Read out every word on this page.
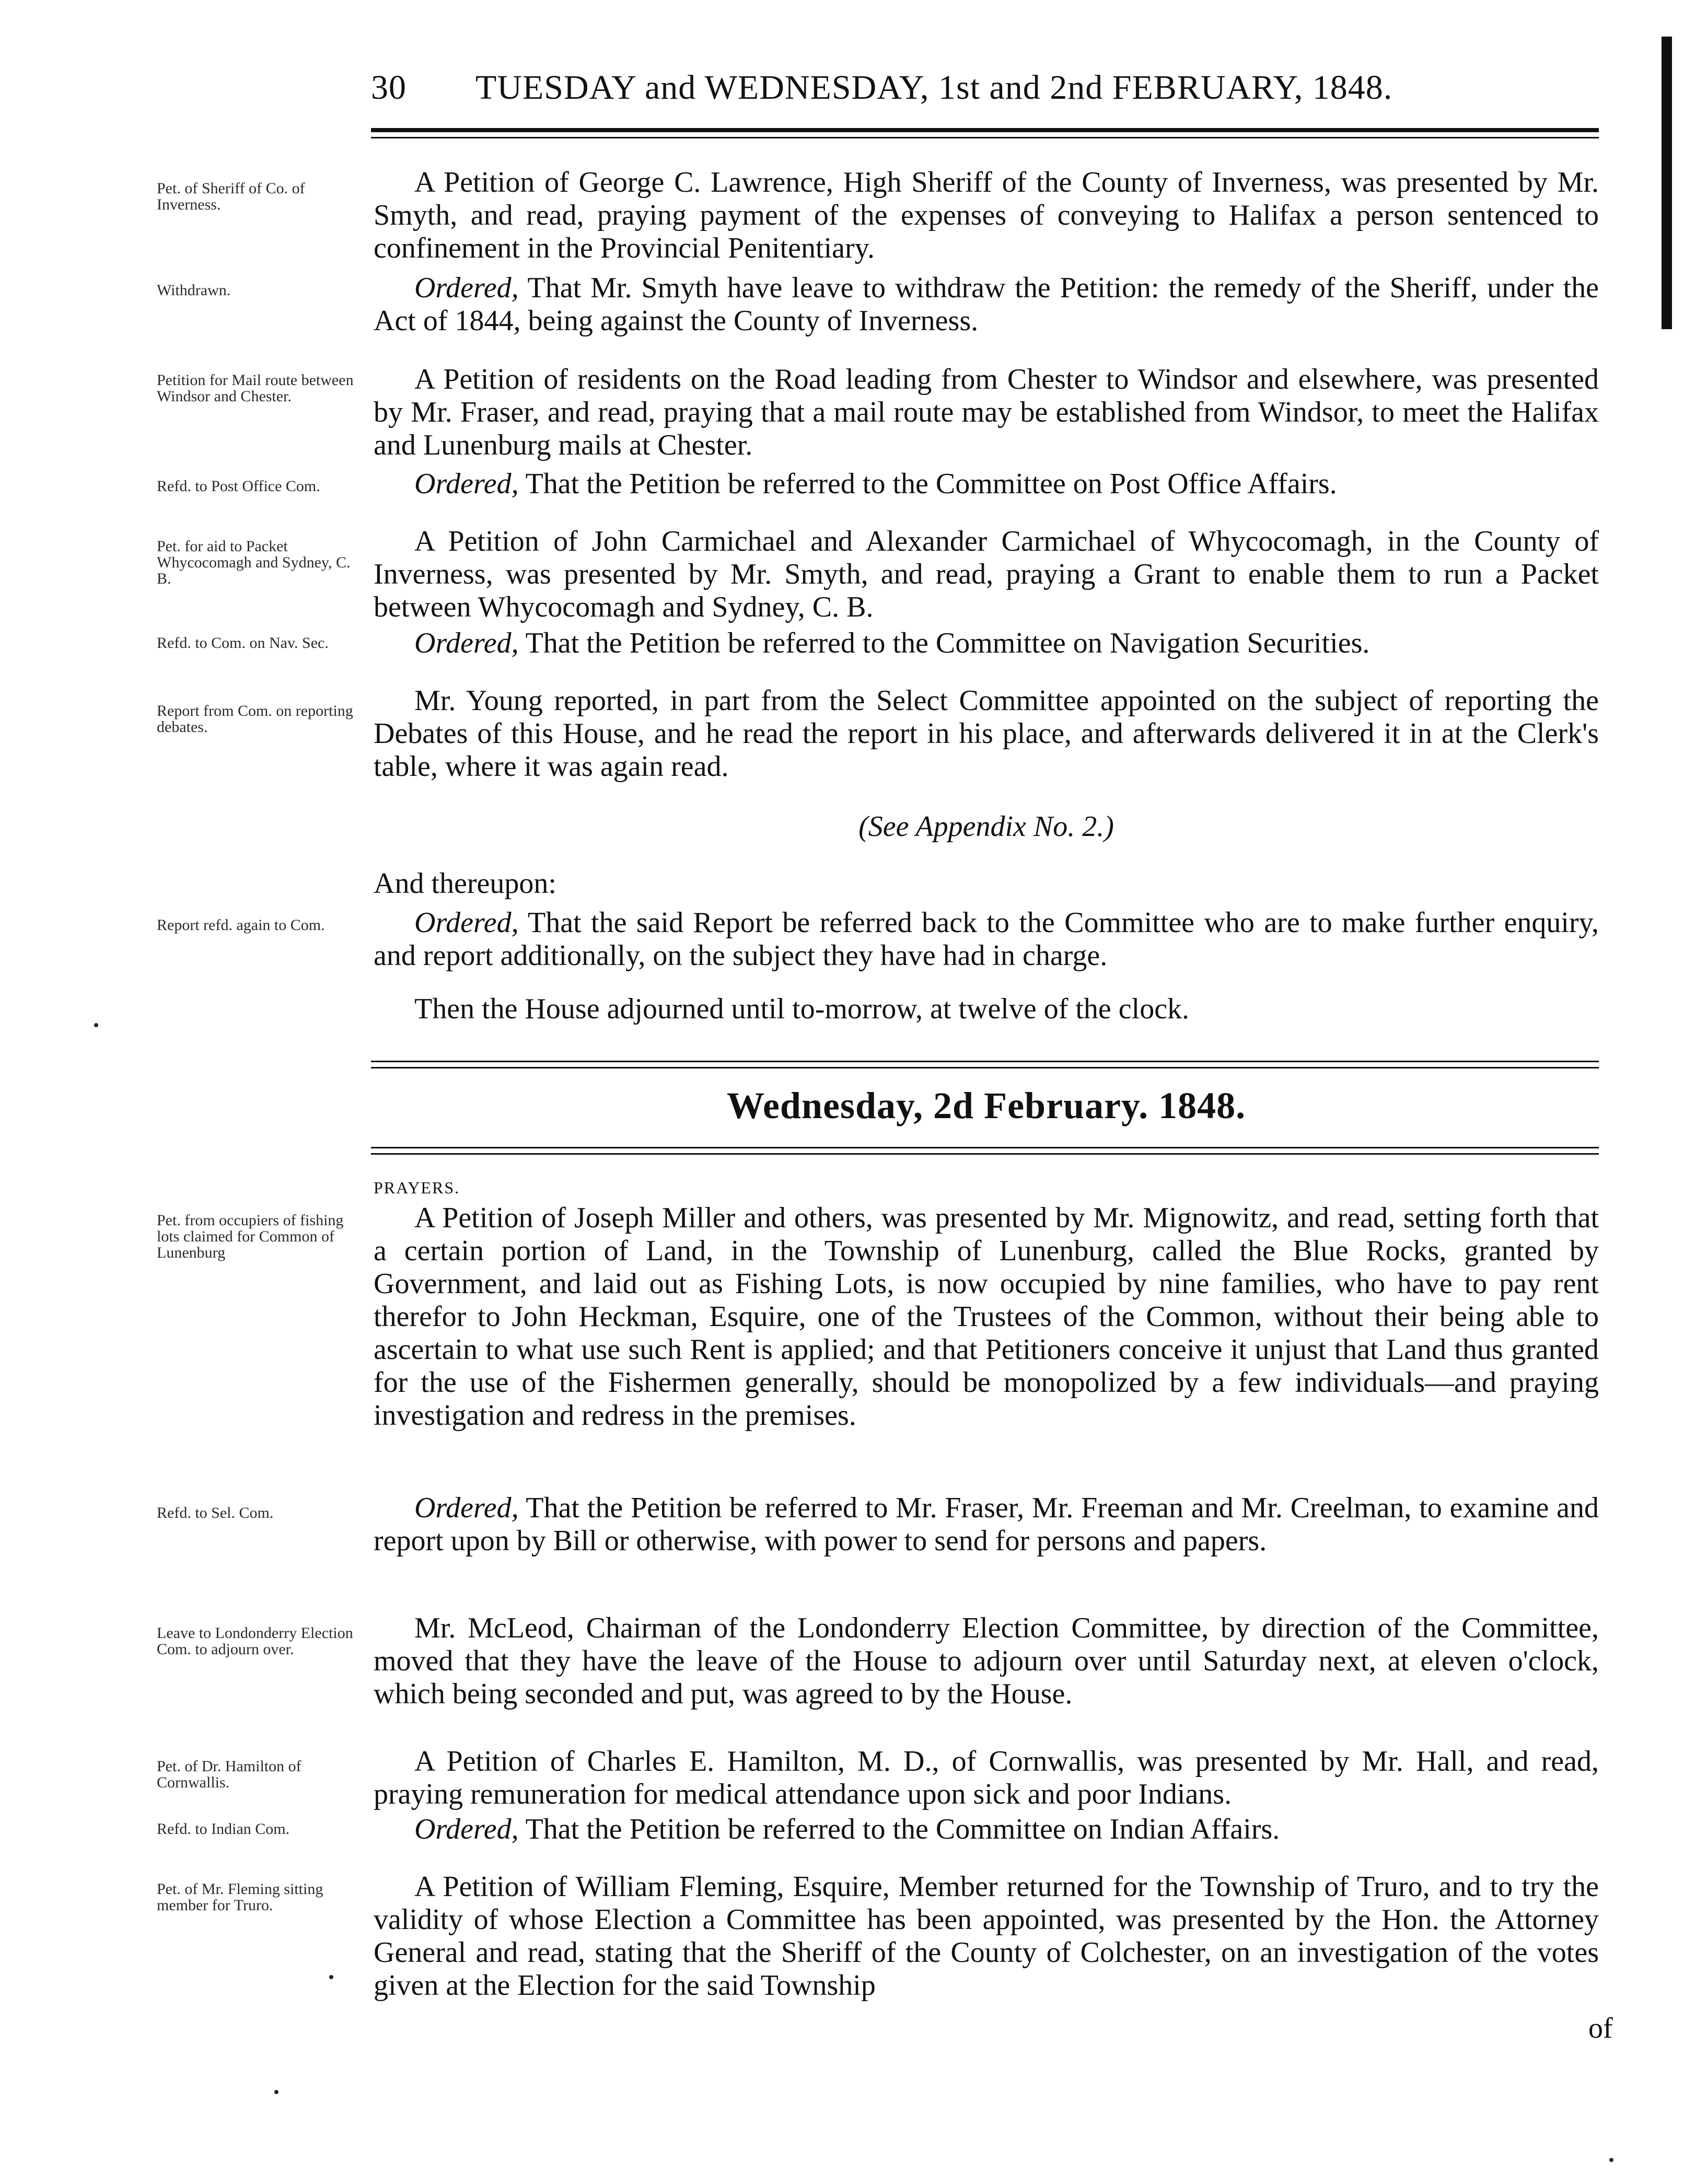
30 TUESDAY and WEDNESDAY, 1st and 2nd FEBRUARY, 1848.
Pet. of Sheriff of Co. of Inverness.
A Petition of George C. Lawrence, High Sheriff of the County of Inverness, was presented by Mr. Smyth, and read, praying payment of the expenses of conveying to Halifax a person sentenced to confinement in the Provincial Penitentiary.
Withdrawn.	Ordered, That Mr. Smyth have leave to withdraw the Petition: the remedy of the Sheriff, under the Act of 1844, being against the County of Inverness.
Petition for Mail route between Windsor and Chester.
A Petition of residents on the Road leading from Chester to Windsor and elsewhere, was presented by Mr. Fraser, and read, praying that a mail route may be established from Windsor, to meet the Halifax and Lunenburg mails at Chester.
Refd. to Post Office Com.	Ordered, That the Petition be referred to the Committee on Post Office Affairs.
Pet. for aid to Packet Whycocomagh and Sydney, C. B.
A Petition of John Carmichael and Alexander Carmichael of Whycocomagh, in the County of Inverness, was presented by Mr. Smyth, and read, praying a Grant to enable them to run a Packet between Whycocomagh and Sydney, C. B.
Refd. to Com. on Nav. Sec.	Ordered, That the Petition be referred to the Committee on Navigation Securities.
Report from Com. on reporting debates.
Mr. Young reported, in part from the Select Committee appointed on the subject of reporting the Debates of this House, and he read the report in his place, and afterwards delivered it in at the Clerk's table, where it was again read.
(See Appendix No. 2.)
And thereupon:
Report refd. again to Com.	Ordered, That the said Report be referred back to the Committee who are to make further enquiry, and report additionally, on the subject they have had in charge.
Then the House adjourned until to-morrow, at twelve of the clock.
Wednesday, 2d February. 1848.
PRAYERS.
Pet. from occupiers of fishing lots claimed for Common of Lunenburg
A Petition of Joseph Miller and others, was presented by Mr. Mignowitz, and read, setting forth that a certain portion of Land, in the Township of Lunenburg, called the Blue Rocks, granted by Government, and laid out as Fishing Lots, is now occupied by nine families, who have to pay rent therefor to John Heckman, Esquire, one of the Trustees of the Common, without their being able to ascertain to what use such Rent is applied; and that Petitioners conceive it unjust that Land thus granted for the use of the Fishermen generally, should be monopolized by a few individuals—and praying investigation and redress in the premises.
Refd. to Sel. Com.	Ordered, That the Petition be referred to Mr. Fraser, Mr. Freeman and Mr. Creelman, to examine and report upon by Bill or otherwise, with power to send for persons and papers.
Leave to Londonderry Election Com. to adjourn over.
Mr. McLeod, Chairman of the Londonderry Election Committee, by direction of the Committee, moved that they have the leave of the House to adjourn over until Saturday next, at eleven o'clock, which being seconded and put, was agreed to by the House.
Pet. of Dr. Hamilton of Cornwallis.
A Petition of Charles E. Hamilton, M. D., of Cornwallis, was presented by Mr. Hall, and read, praying remuneration for medical attendance upon sick and poor Indians.
Refd. to Indian Com.	Ordered, That the Petition be referred to the Committee on Indian Affairs.
Pet. of Mr. Fleming sitting member for Truro.
A Petition of William Fleming, Esquire, Member returned for the Township of Truro, and to try the validity of whose Election a Committee has been appointed, was presented by the Hon. the Attorney General and read, stating that the Sheriff of the County of Colchester, on an investigation of the votes given at the Election for the said Township
of
